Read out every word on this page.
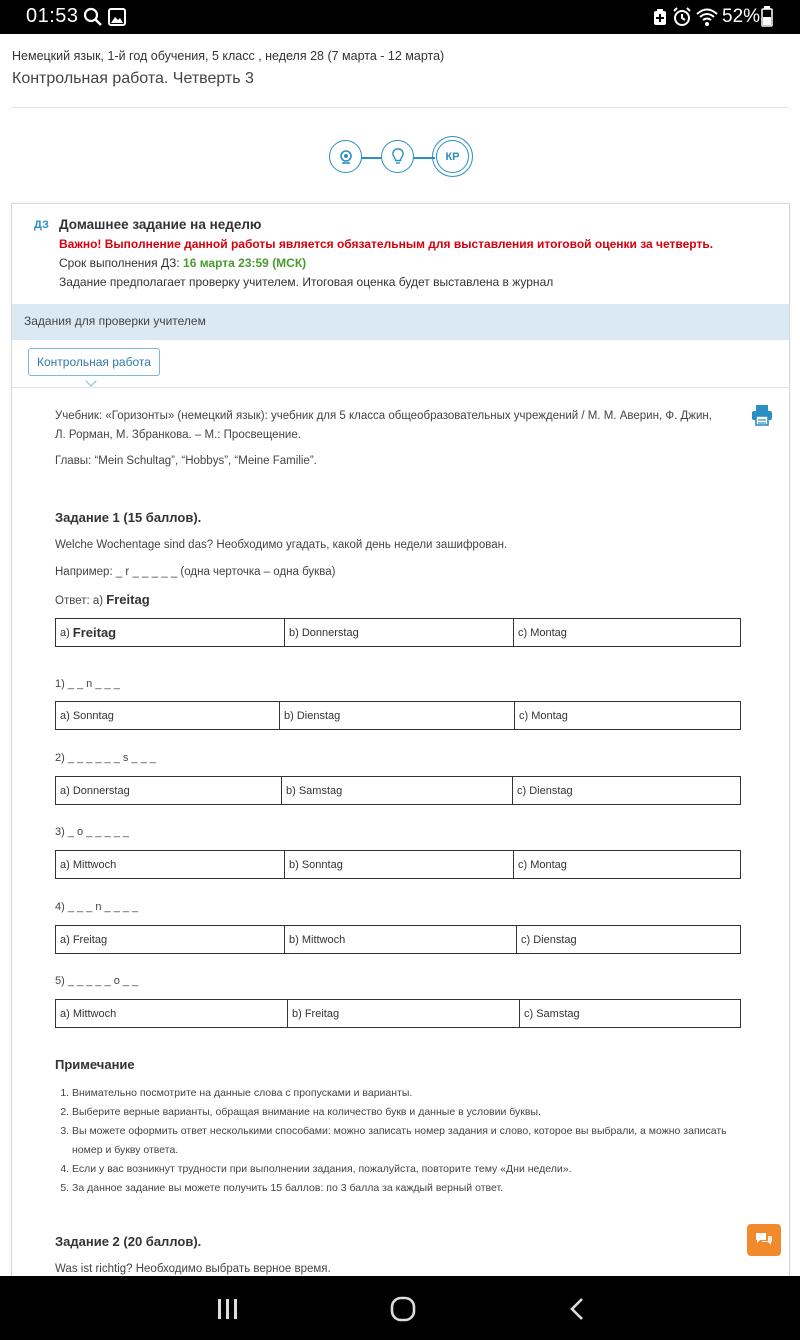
01:53	52%
Немецкий язык, 1-й год обучения, 5 класс , неделя 28 (7 марта - 12 марта)
Контрольная работа. Четверть 3
КР
ДЗ Домашнее задание на неделю
Важно! Выполнение данной работы является обязательным для выставления итоговой оценки за четверть.
Срок выполнения ДЗ: 16 марта 23:59 (МСК)
Задание предполагает проверку учителем. Итоговая оценка будет выставлена в журнал
Задания для проверки учителем
Контрольная работа
Учебник: «Горизонты» (немецкий язык): учебник для 5 класса общеобразовательных учреждений / М. М. Аверин, Ф. Джин, Л. Рорман, М. Збранкова. – М.: Просвещение.
Главы: “Mein Schultag”, “Hobbys”, “Meine Familie”.
Задание 1 (15 баллов).
Welche Wochentage sind das? Необходимо угадать, какой день недели зашифрован.
Например: _ r _ _ _ _ _ (одна черточка – одна буква)
Ответ: a) Freitag
a) Freitag	b) Donnerstag	c) Montag
1) _ _ n _ _ _
a) Sonntag	b) Dienstag	c) Montag
2) _ _ _ _ _ _ s _ _ _
a) Donnerstag	b) Samstag	c) Dienstag
3) _ o _ _ _ _ _
a) Mittwoch	b) Sonntag	c) Montag
4) _ _ _ n _ _ _ _
a) Freitag	b) Mittwoch	c) Dienstag
5) _ _ _ _ _ o _ _
a) Mittwoch	b) Freitag	c) Samstag
Примечание
1. Внимательно посмотрите на данные слова с пропусками и варианты.
2. Выберите верные варианты, обращая внимание на количество букв и данные в условии буквы.
3. Вы можете оформить ответ несколькими способами: можно записать номер задания и слово, которое вы выбрали, а можно записать номер и букву ответа.
4. Если у вас возникнут трудности при выполнении задания, пожалуйста, повторите тему «Дни недели».
5. За данное задание вы можете получить 15 баллов: по 3 балла за каждый верный ответ.
Задание 2 (20 баллов).
Was ist richtig? Необходимо выбрать верное время.
